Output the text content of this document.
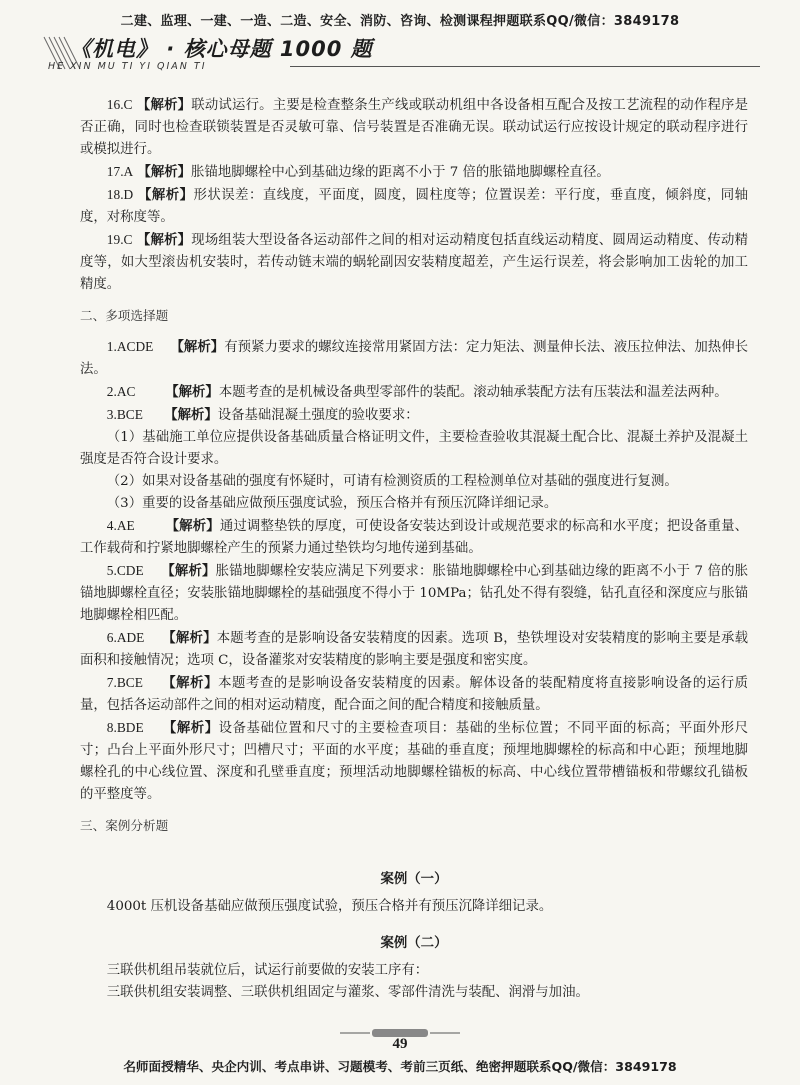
二建、监理、一建、一造、二造、安全、消防、咨询、检测课程押题联系QQ/微信：3849178
《机电》 · 核心母题 1000 题
HE XIN MU TI YI QIAN TI

16.C 【解析】联动试运行。主要是检查整条生产线或联动机组中各设备相互配合及按工艺流程的动作程序是否正确，同时也检查联锁装置是否灵敏可靠、信号装置是否准确无误。联动试运行应按设计规定的联动程序进行或模拟进行。

17.A 【解析】胀锚地脚螺栓中心到基础边缘的距离不小于 7 倍的胀锚地脚螺栓直径。

18.D 【解析】形状误差：直线度，平面度，圆度，圆柱度等；位置误差：平行度，垂直度，倾斜度，同轴度，对称度等。

19.C 【解析】现场组装大型设备各运动部件之间的相对运动精度包括直线运动精度、圆周运动精度、传动精度等，如大型滚齿机安装时，若传动链末端的蜗轮副因安装精度超差，产生运行误差，将会影响加工齿轮的加工精度。

二、多项选择题

1.ACDE 【解析】有预紧力要求的螺纹连接常用紧固方法：定力矩法、测量伸长法、液压拉伸法、加热伸长法。

2.AC 【解析】本题考查的是机械设备典型零部件的装配。滚动轴承装配方法有压装法和温差法两种。

3.BCE 【解析】设备基础混凝土强度的验收要求：

（1）基础施工单位应提供设备基础质量合格证明文件，主要检查验收其混凝土配合比、混凝土养护及混凝土强度是否符合设计要求。

（2）如果对设备基础的强度有怀疑时，可请有检测资质的工程检测单位对基础的强度进行复测。

（3）重要的设备基础应做预压强度试验，预压合格并有预压沉降详细记录。

4.AE 【解析】通过调整垫铁的厚度，可使设备安装达到设计或规范要求的标高和水平度；把设备重量、工作载荷和拧紧地脚螺栓产生的预紧力通过垫铁均匀地传递到基础。

5.CDE 【解析】胀锚地脚螺栓安装应满足下列要求：胀锚地脚螺栓中心到基础边缘的距离不小于 7 倍的胀锚地脚螺栓直径；安装胀锚地脚螺栓的基础强度不得小于 10MPa；钻孔处不得有裂缝，钻孔直径和深度应与胀锚地脚螺栓相匹配。

6.ADE 【解析】本题考查的是影响设备安装精度的因素。选项 B，垫铁埋设对安装精度的影响主要是承载面积和接触情况；选项 C，设备灌浆对安装精度的影响主要是强度和密实度。

7.BCE 【解析】本题考查的是影响设备安装精度的因素。解体设备的装配精度将直接影响设备的运行质量，包括各运动部件之间的相对运动精度，配合面之间的配合精度和接触质量。

8.BDE 【解析】设备基础位置和尺寸的主要检查项目：基础的坐标位置；不同平面的标高；平面外形尺寸；凸台上平面外形尺寸；凹槽尺寸；平面的水平度；基础的垂直度；预埋地脚螺栓的标高和中心距；预埋地脚螺栓孔的中心线位置、深度和孔壁垂直度；预埋活动地脚螺栓锚板的标高、中心线位置带槽锚板和带螺纹孔锚板的平整度等。

三、案例分析题

案例（一）

4000t 压机设备基础应做预压强度试验，预压合格并有预压沉降详细记录。

案例（二）

三联供机组吊装就位后，试运行前要做的安装工序有：

三联供机组安装调整、三联供机组固定与灌浆、零部件清洗与装配、润滑与加油。

49
名师面授精华、央企内训、考点串讲、习题模考、考前三页纸、绝密押题联系QQ/微信：3849178
